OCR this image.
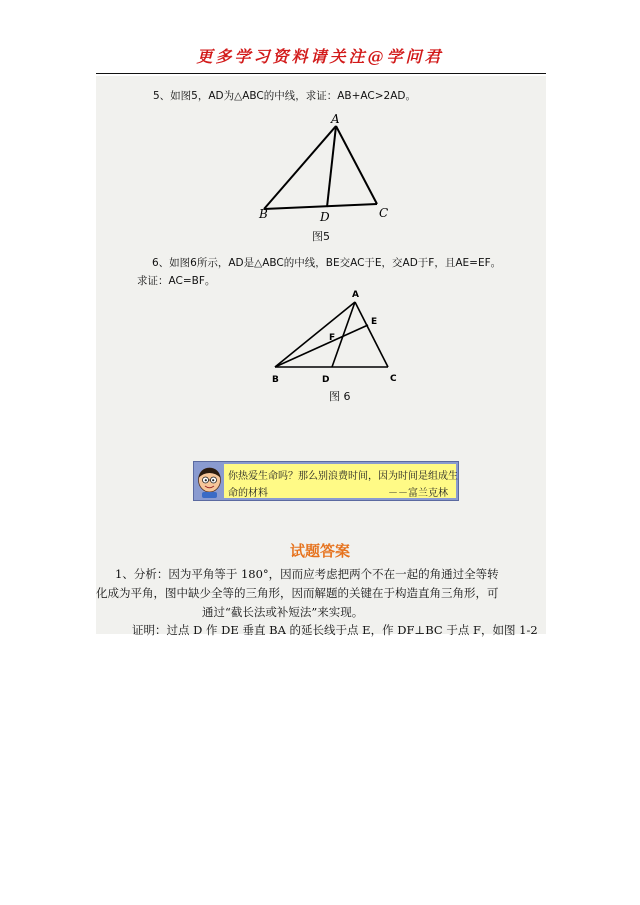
更多学习资料请关注@学问君
5、如图5，AD为△ABC的中线，求证：AB+AC>2AD。
A
B	C
D
图5
6、如图6所示，AD是△ABC的中线，BE交AC于E，交AD于F，且AE=EF。
求证：AC=BF。
A
B	C
D
E
F
图 6
你热爱生命吗？那么别浪费时间，因为时间是组成生
命的材料	－－富兰克林
试题答案
1、分析：因为平角等于 180°，因而应考虑把两个不在一起的角通过全等转
化成为平角，图中缺少全等的三角形，因而解题的关键在于构造直角三角形，可
通过“截长法或补短法”来实现。
证明：过点 D 作 DE 垂直 BA 的延长线于点 E，作 DF⊥BC 于点 F，如图 1-2
